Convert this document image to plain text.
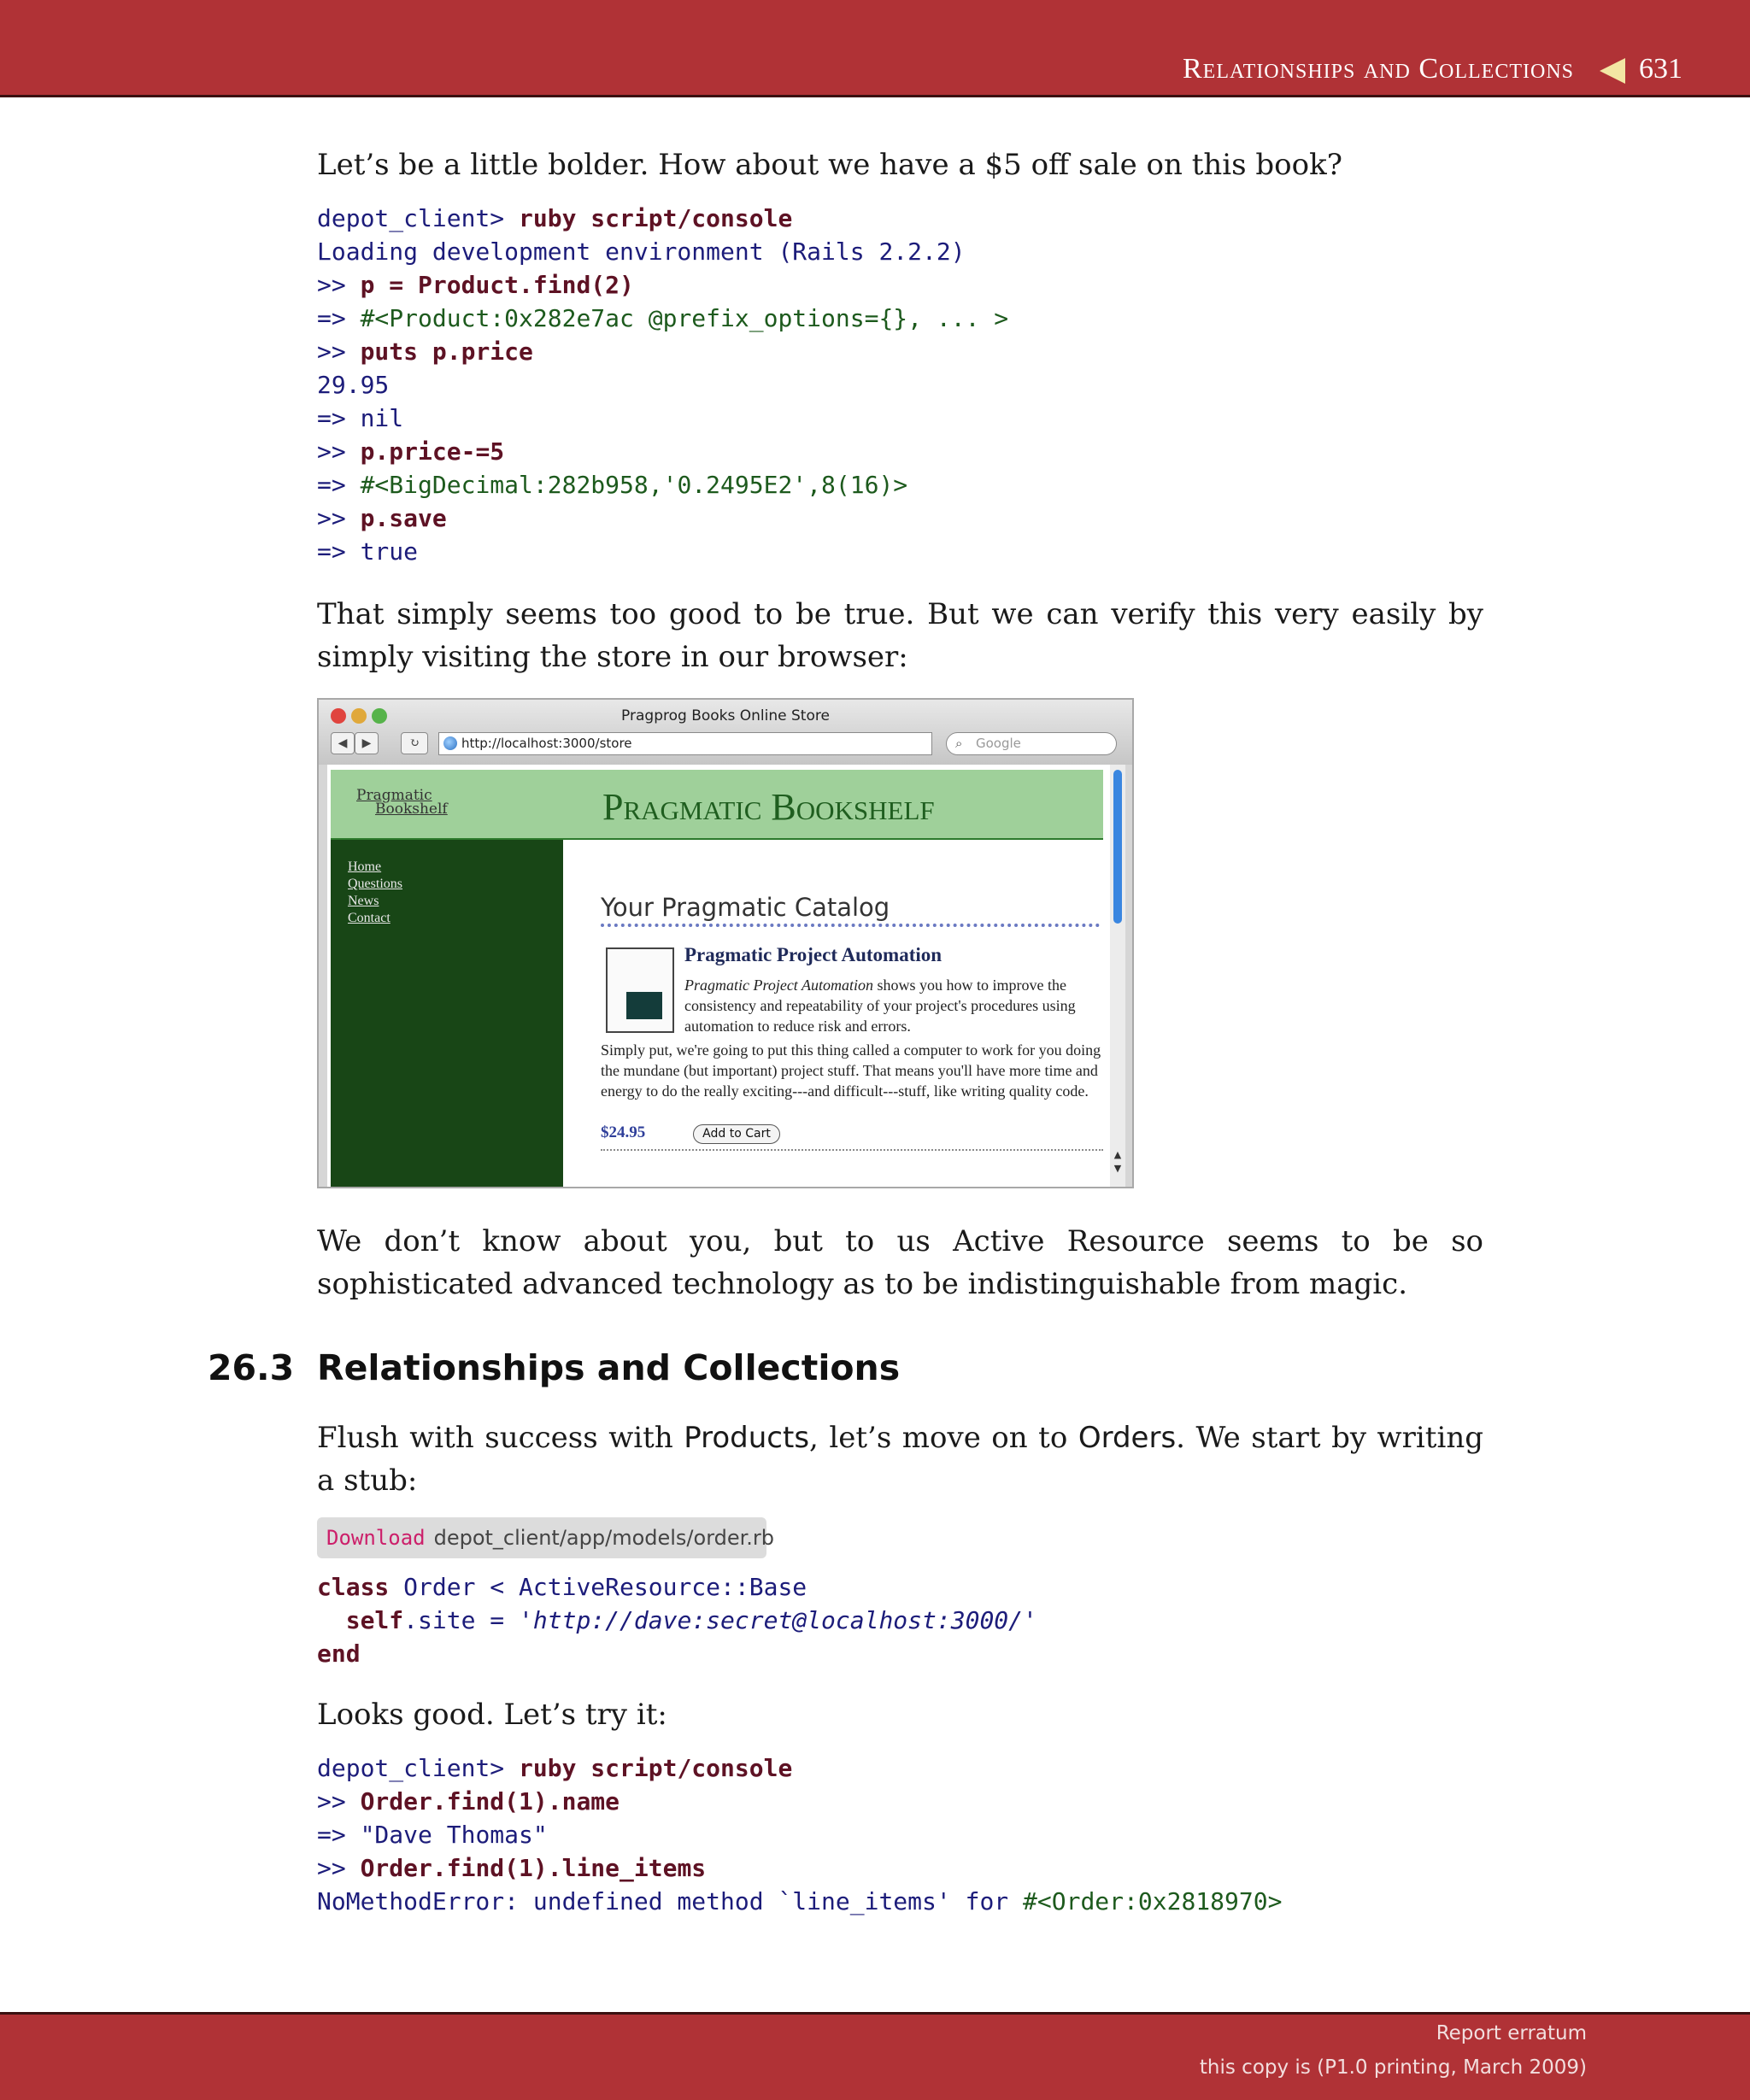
Relationships and Collections 631

Let’s be a little bolder. How about we have a $5 off sale on this book?

depot_client> ruby script/console
Loading development environment (Rails 2.2.2)
>> p = Product.find(2)
=> #<Product:0x282e7ac @prefix_options={}, ... >
>> puts p.price
29.95
=> nil
>> p.price-=5
=> #<BigDecimal:282b958,'0.2495E2',8(16)>
>> p.save
=> true

That simply seems too good to be true. But we can verify this very easily by simply visiting the store in our browser:

Pragprog Books Online Store
◀	▶	↻	http://localhost:3000/store	⌕ Google
Pragmatic
Bookshelf	Pragmatic Bookshelf
Home
Questions
News
Contact	Your Pragmatic Catalog
Pragmatic Project Automation

Pragmatic Project Automation shows you how to improve the consistency and repeatability of your project's procedures using automation to reduce risk and errors.

Simply put, we're going to put this thing called a computer to work for you doing the mundane (but important) project stuff. That means you'll have more time and energy to do the really exciting---and difficult---stuff, like writing quality code.

$24.95	Add to Cart
▲
▼

We don’t know about you, but to us Active Resource seems to be so sophisticated advanced technology as to be indistinguishable from magic.

26.3 Relationships and Collections

Flush with success with Products, let’s move on to Orders. We start by writing a stub:

Download depot_client/app/models/order.rb
class Order < ActiveResource::Base
self.site = 'http://dave:secret@localhost:3000/'
end

Looks good. Let’s try it:

depot_client> ruby script/console
>> Order.find(1).name
=> "Dave Thomas"
>> Order.find(1).line_items
NoMethodError: undefined method `line_items' for #<Order:0x2818970>
Report erratum
this copy is (P1.0 printing, March 2009)
